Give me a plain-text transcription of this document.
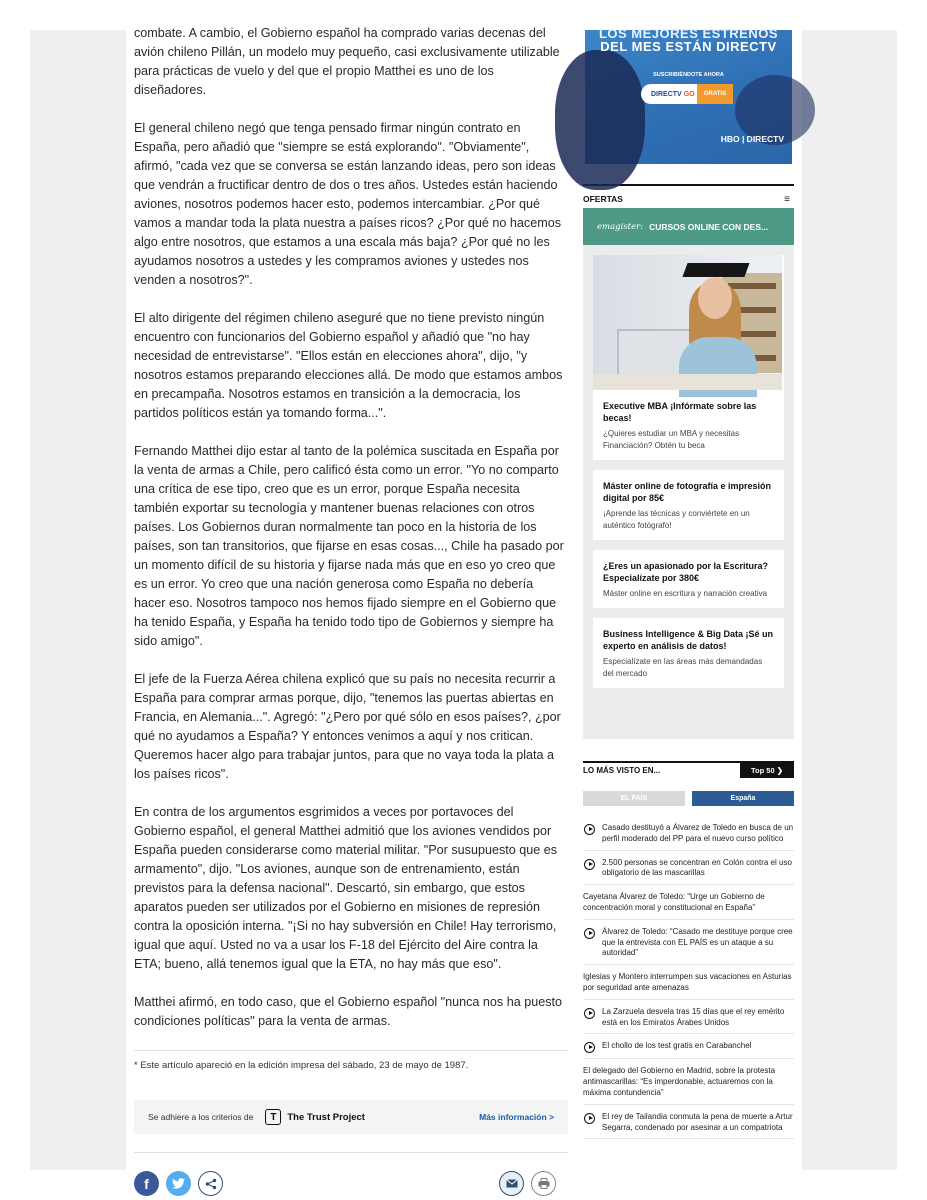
combate. A cambio, el Gobierno español ha comprado varias decenas del avión chileno Pillán, un modelo muy pequeño, casi exclusivamente utilizable para prácticas de vuelo y del que el propio Matthei es uno de los diseñadores.

El general chileno negó que tenga pensado firmar ningún contrato en España, pero añadió que "siempre se está explorando". "Obviamente", afirmó, "cada vez que se conversa se están lanzando ideas, pero son ideas que vendrán a fructificar dentro de dos o tres años. Ustedes están haciendo aviones, nosotros podemos hacer esto, podemos intercambiar. ¿Por qué vamos a mandar toda la plata nuestra a países ricos? ¿Por qué no hacemos algo entre nosotros, que estamos a una escala más baja? ¿Por qué no les ayudamos nosotros a ustedes y les compramos aviones y ustedes nos venden a nosotros?".

El alto dirigente del régimen chileno aseguré que no tiene previsto ningún encuentro con funcionarios del Gobierno español y añadió que "no hay necesidad de entrevistarse". "Ellos están en elecciones ahora", dijo, "y nosotros estamos preparando elecciones allá. De modo que estamos ambos en precampaña. Nosotros estamos en transición a la democracia, los partidos políticos están ya tomando forma...".

Fernando Matthei dijo estar al tanto de la polémica suscitada en España por la venta de armas a Chile, pero calificó ésta como un error. "Yo no comparto una crítica de ese tipo, creo que es un error, porque España necesita también exportar su tecnología y mantener buenas relaciones con otros países. Los Gobiernos duran normalmente tan poco en la historia de los países, son tan transitorios, que fijarse en esas cosas..., Chile ha pasado por un momento difícil de su historia y fijarse nada más que en eso yo creo que es un error. Yo creo que una nación generosa como España no debería hacer eso. Nosotros tampoco nos hemos fijado siempre en el Gobierno que ha tenido España, y España ha tenido todo tipo de Gobiernos y siempre ha sido amigo".

El jefe de la Fuerza Aérea chilena explicó que su país no necesita recurrir a España para comprar armas porque, dijo, "tenemos las puertas abiertas en Francia, en Alemania...". Agregó: "¿Pero por qué sólo en esos países?, ¿por qué no ayudamos a España? Y entonces venimos a aquí y nos critican. Queremos hacer algo para trabajar juntos, para que no vaya toda la plata a los países ricos".

En contra de los argumentos esgrimidos a veces por portavoces del Gobierno español, el general Matthei admitió que los aviones vendidos por España pueden considerarse como material militar. "Por susupuesto que es armamento", dijo. "Los aviones, aunque son de entrenamiento, están previstos para la defensa nacional". Descartó, sin embargo, que estos aparatos pueden ser utilizados por el Gobierno en misiones de represión contra la oposición interna. "¡Si no hay subversión en Chile! Hay terrorismo, igual que aquí. Usted no va a usar los F-18 del Ejército del Aire contra la ETA; bueno, allá tenemos igual que la ETA, no hay más que eso".

Matthei afirmó, en todo caso, que el Gobierno español "nunca nos ha puesto condiciones políticas" para la venta de armas.

* Este artículo apareció en la edición impresa del sábado, 23 de mayo de 1987.

Se adhiere a los criterios de	T	The Trust Project	Más información >
f
LOS MEJORES ESTRENOS
DEL MES ESTÁN DIRECTV
SUSCRIBIÉNDOTE AHORA
DIRECTV GO	GRATIS
HBO | DIRECTV
OFERTAS	≡
emagister: CURSOS ONLINE CON DES...
Executive MBA ¡Infórmate sobre las becas!

¿Quieres estudiar un MBA y necesitas Financiación? Obtén tu beca

Máster online de fotografía e impresión digital por 85€

¡Aprende las técnicas y conviértete en un auténtico fotógrafo!

¿Eres un apasionado por la Escritura? Especialízate por 380€

Máster online en escritura y narración creativa

Business Intelligence & Big Data ¡Sé un experto en análisis de datos!

Especialízate en las áreas más demandadas del mercado

LO MÁS VISTO EN...	Top 50 ❯
EL PAÍS	España
Casado destituyó a Álvarez de Toledo en busca de un perfil moderado del PP para el nuevo curso político
2.500 personas se concentran en Colón contra el uso obligatorio de las mascarillas
Cayetana Álvarez de Toledo: “Urge un Gobierno de concentración moral y constitucional en España”
Álvarez de Toledo: “Casado me destituye porque cree que la entrevista con EL PAÍS es un ataque a su autoridad”
Iglesias y Montero interrumpen sus vacaciones en Asturias por seguridad ante amenazas
La Zarzuela desvela tras 15 días que el rey emérito está en los Emiratos Árabes Unidos
El chollo de los test gratis en Carabanchel
El delegado del Gobierno en Madrid, sobre la protesta antimascarillas: “Es imperdonable, actuaremos con la máxima contundencia”
El rey de Tailandia conmuta la pena de muerte a Artur Segarra, condenado por asesinar a un compatriota
